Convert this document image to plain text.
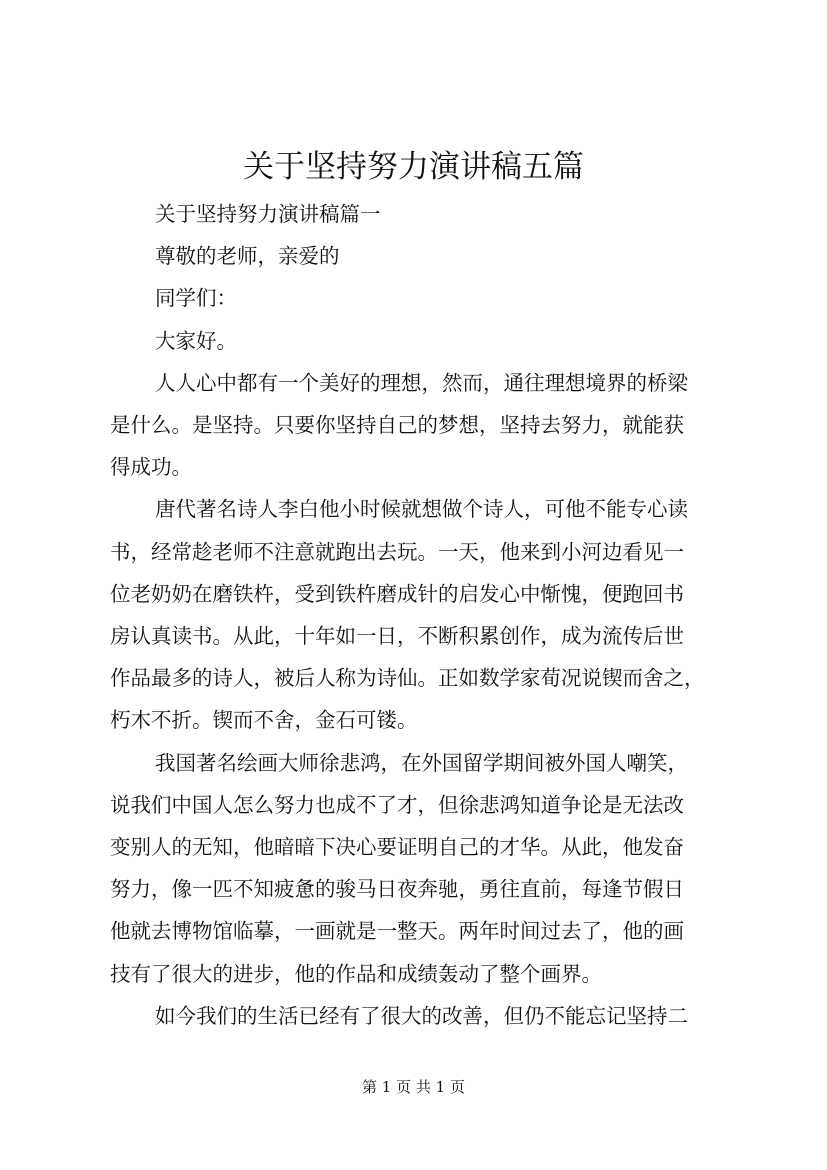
关于坚持努力演讲稿五篇
关于坚持努力演讲稿篇一
尊敬的老师，亲爱的
同学们：
大家好。
人人心中都有一个美好的理想，然而，通往理想境界的桥梁
是什么。是坚持。只要你坚持自己的梦想，坚持去努力，就能获
得成功。
唐代著名诗人李白他小时候就想做个诗人，可他不能专心读
书，经常趁老师不注意就跑出去玩。一天，他来到小河边看见一
位老奶奶在磨铁杵，受到铁杵磨成针的启发心中惭愧，便跑回书
房认真读书。从此，十年如一日，不断积累创作，成为流传后世
作品最多的诗人，被后人称为诗仙。正如数学家荀况说锲而舍之，
朽木不折。锲而不舍，金石可镂。
我国著名绘画大师徐悲鸿，在外国留学期间被外国人嘲笑，
说我们中国人怎么努力也成不了才，但徐悲鸿知道争论是无法改
变别人的无知，他暗暗下决心要证明自己的才华。从此，他发奋
努力，像一匹不知疲惫的骏马日夜奔驰，勇往直前，每逢节假日
他就去博物馆临摹，一画就是一整天。两年时间过去了，他的画
技有了很大的进步，他的作品和成绩轰动了整个画界。
如今我们的生活已经有了很大的改善，但仍不能忘记坚持二
第 1 页 共 1 页
